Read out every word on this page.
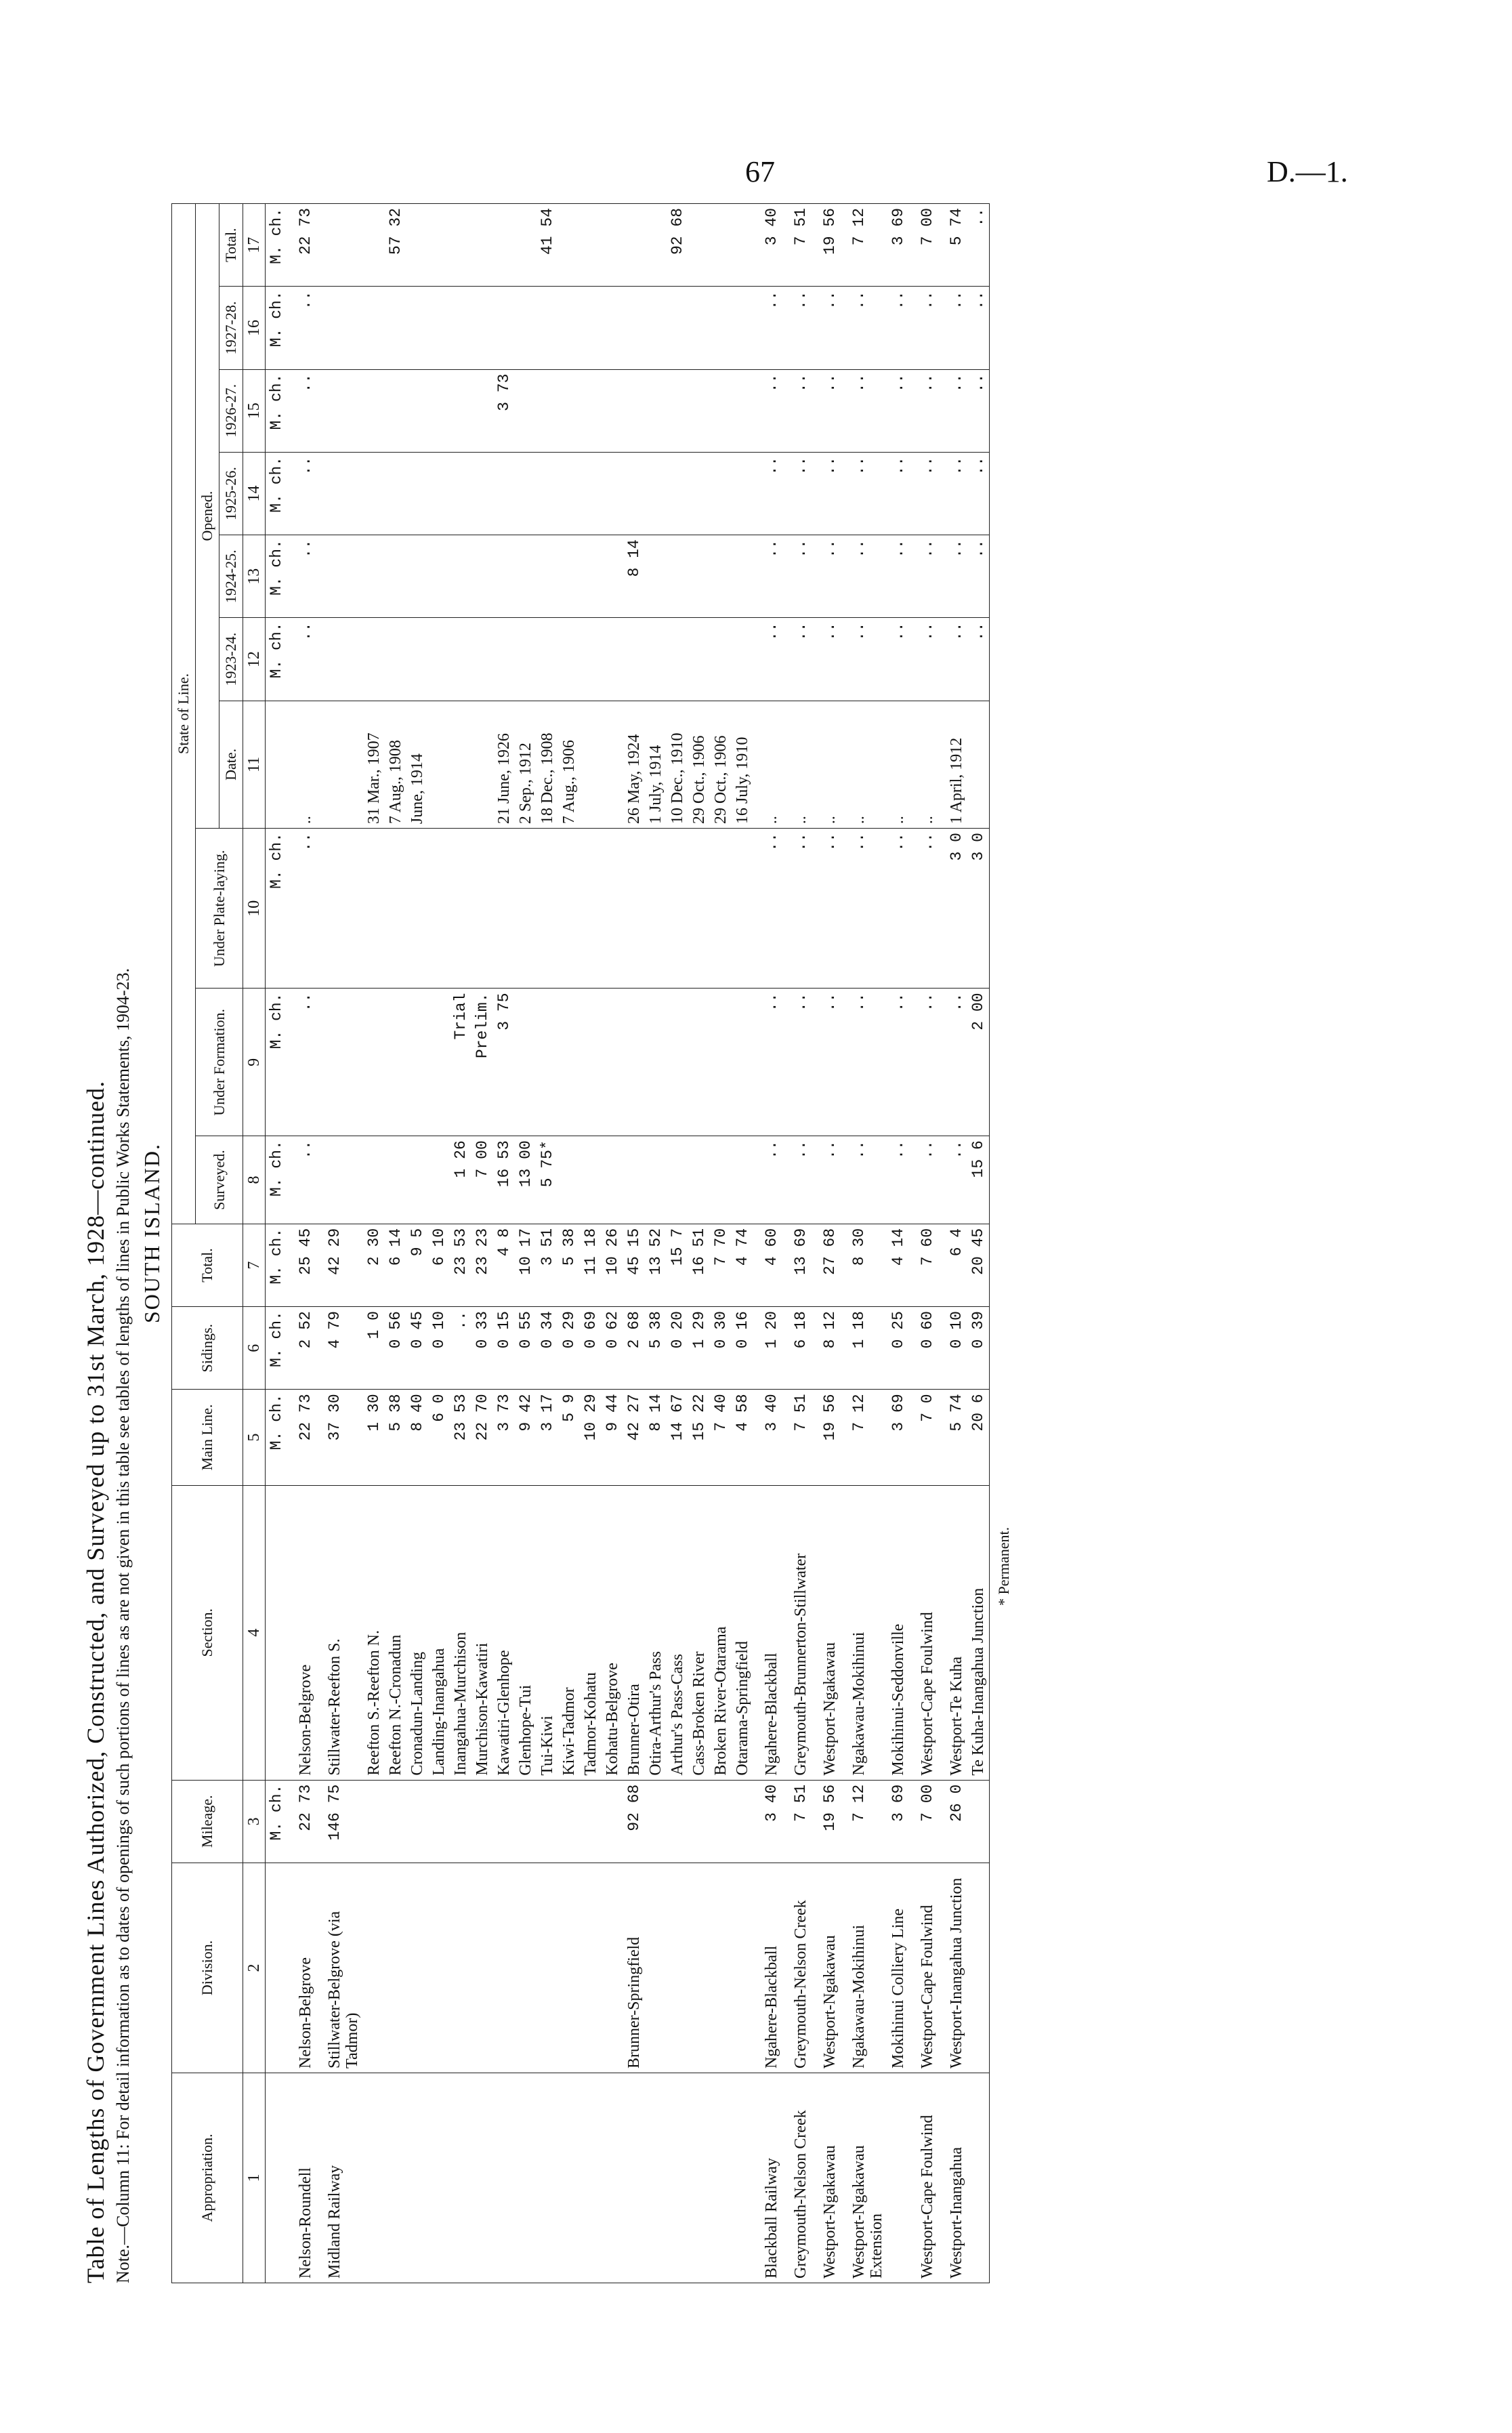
67	D.—1.
Table of Lengths of Government Lines Authorized, Constructed, and Surveyed up to 31st March, 1928—continued. Note.—Column 11: For detail information as to dates of openings of such portions of lines as are not given in this table see tables of lengths of lines in Public Works Statements, 1904-23. SOUTH ISLAND.
Appropriation.	Division.	Mileage.	Section.	Main Line.	Sidings.	Total.	State of Line.									
							Surveyed.	Under Formation.	Under Plate-laying.	Opened.						
										Date.	1923-24.	1924-25.	1925-26.	1926-27.	1927-28.	Total.
1	2	3	4	5	6	7	8	9	10	11	12	13	14	15	16	17
		M. ch.		M. ch.	M. ch.	M. ch.	M. ch.	M. ch.	M. ch.		M. ch.	M. ch.	M. ch.	M. ch.	M. ch.	M. ch.
Nelson-Roundell	Nelson-Belgrove	22 73	Nelson-Belgrove	22 73	2 52	25 45	..	..	..	..	..	..	..	..	..	22 73
Midland Railway	Stillwater-Belgrove (via Tadmor)	146 75	Stillwater-Reefton S.	37 30	4 79	42 29										
			Reefton S.-Reefton N.	1 30	1 0	2 30				31 Mar., 1907						
			Reefton N.-Cronadun	5 38	0 56	6 14				7 Aug., 1908						57 32
			Cronadun-Landing	8 40	0 45	9 5				June, 1914						
			Landing-Inangahua	6 0	0 10	6 10										
			Inangahua-Murchison	23 53	..	23 53	1 26	Trial								
			Murchison-Kawatiri	22 70	0 33	23 23	7 00	Prelim.								
			Kawatiri-Glenhope	3 73	0 15	4 8	16 53	3 75		21 June, 1926				3 73		
			Glenhope-Tui	9 42	0 55	10 17	13 00			2 Sep., 1912						
			Tui-Kiwi	3 17	0 34	3 51	5 75*			18 Dec., 1908						41 54
			Kiwi-Tadmor	5 9	0 29	5 38				7 Aug., 1906						
			Tadmor-Kohatu	10 29	0 69	11 18										
			Kohatu-Belgrove	9 44	0 62	10 26										
	Brunner-Springfield	92 68	Brunner-Otira	42 27	2 68	45 15				26 May, 1924		8 14				
			Otira-Arthur's Pass	8 14	5 38	13 52				1 July, 1914						
			Arthur's Pass-Cass	14 67	0 20	15 7				10 Dec., 1910						92 68
			Cass-Broken River	15 22	1 29	16 51				29 Oct., 1906						
			Broken River-Otarama	7 40	0 30	7 70				29 Oct., 1906						
			Otarama-Springfield	4 58	0 16	4 74				16 July, 1910						
Blackball Railway	Ngahere-Blackball	3 40	Ngahere-Blackball	3 40	1 20	4 60	..	..	..	..	..	..	..	..	..	3 40
Greymouth-Nelson Creek	Greymouth-Nelson Creek	7 51	Greymouth-Brunnerton-Stillwater	7 51	6 18	13 69	..	..	..	..	..	..	..	..	..	7 51
Westport-Ngakawau	Westport-Ngakawau	19 56	Westport-Ngakawau	19 56	8 12	27 68	..	..	..	..	..	..	..	..	..	19 56
Westport-Ngakawau Extension	Ngakawau-Mokihinui	7 12	Ngakawau-Mokihinui	7 12	1 18	8 30	..	..	..	..	..	..	..	..	..	7 12
	Mokihinui Colliery Line	3 69	Mokihinui-Seddonville	3 69	0 25	4 14	..	..	..	..	..	..	..	..	..	3 69
Westport-Cape Foulwind	Westport-Cape Foulwind	7 00	Westport-Cape Foulwind	7 0	0 60	7 60	..	..	..	..	..	..	..	..	..	7 00
Westport-Inangahua	Westport-Inangahua Junction	26 0	Westport-Te Kuha	5 74	0 10	6 4	..	..	3 0	1 April, 1912	..	..	..	..	..	5 74
			Te Kuha-Inangahua Junction	20 6	0 39	20 45	15 6	2 00	3 0		..	..	..	..	..	..
* Permanent.
